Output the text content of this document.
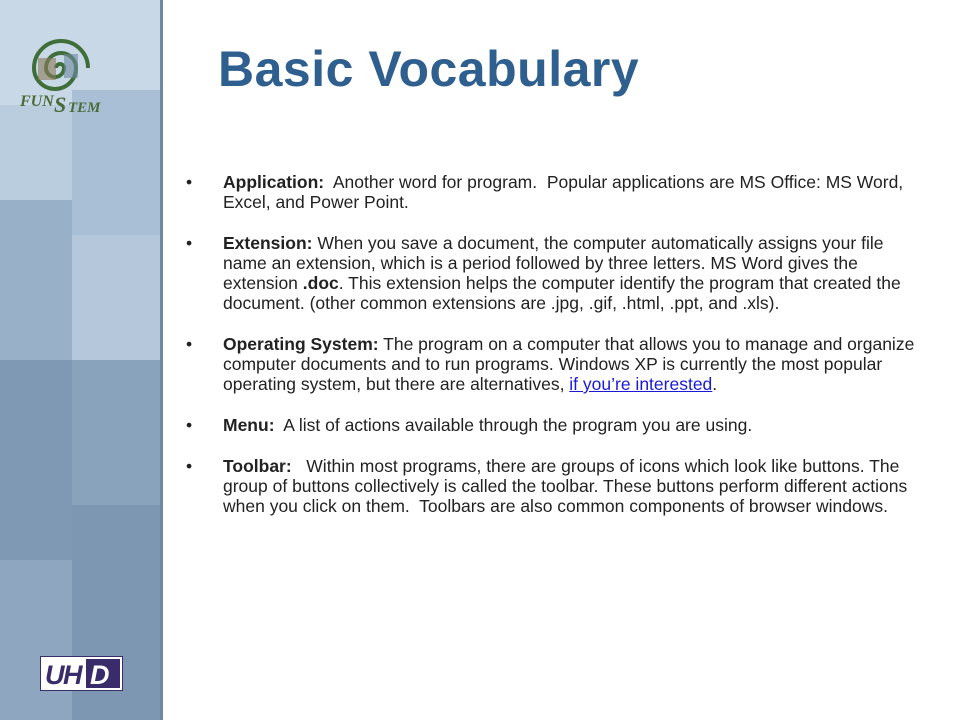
FUN S TEM
U
H D
Basic Vocabulary
• Application:  Another word for program.  Popular applications are MS Office: MS Word, Excel, and Power Point.
• Extension: When you save a document, the computer automatically assigns your file name an extension, which is a period followed by three letters. MS Word gives the extension .doc. This extension helps the computer identify the program that created the document. (other common extensions are .jpg, .gif, .html, .ppt, and .xls).
• Operating System: The program on a computer that allows you to manage and organize computer documents and to run programs. Windows XP is currently the most popular operating system, but there are alternatives, if you’re interested.
• Menu:  A list of actions available through the program you are using.
• Toolbar:   Within most programs, there are groups of icons which look like buttons. The group of buttons collectively is called the toolbar. These buttons perform different actions when you click on them.  Toolbars are also common components of browser windows.
